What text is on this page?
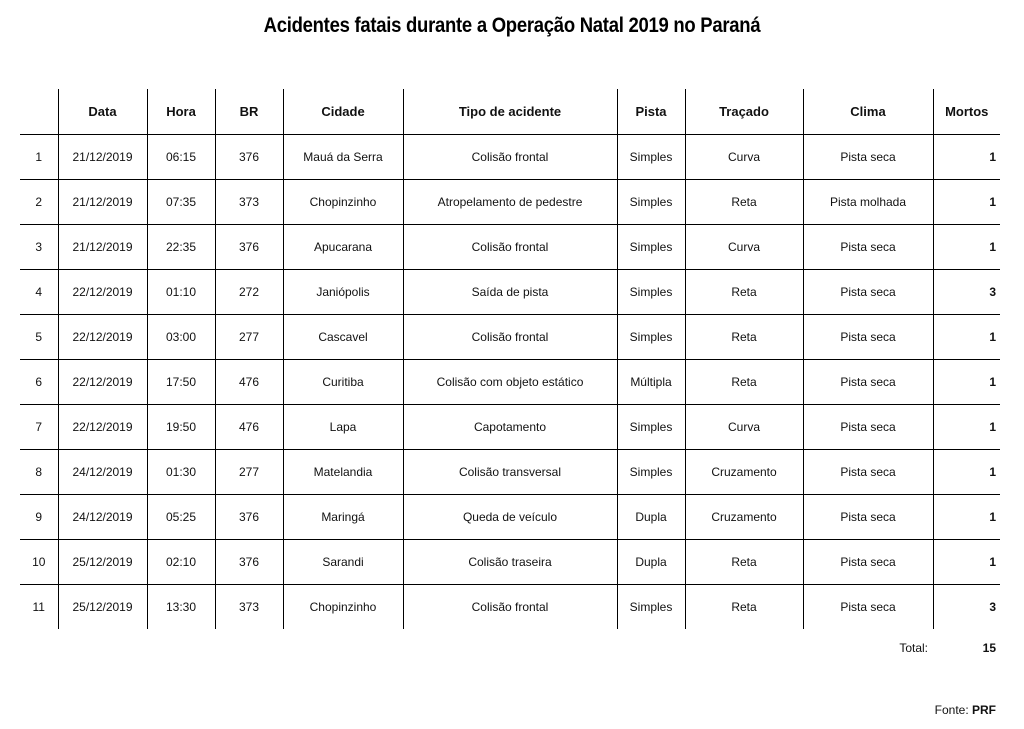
Acidentes fatais durante a Operação Natal 2019 no Paraná
	Data	Hora	BR	Cidade	Tipo de acidente	Pista	Traçado	Clima	Mortos
1	21/12/2019	06:15	376	Mauá da Serra	Colisão frontal	Simples	Curva	Pista seca	1
2	21/12/2019	07:35	373	Chopinzinho	Atropelamento de pedestre	Simples	Reta	Pista molhada	1
3	21/12/2019	22:35	376	Apucarana	Colisão frontal	Simples	Curva	Pista seca	1
4	22/12/2019	01:10	272	Janiópolis	Saída de pista	Simples	Reta	Pista seca	3
5	22/12/2019	03:00	277	Cascavel	Colisão frontal	Simples	Reta	Pista seca	1
6	22/12/2019	17:50	476	Curitiba	Colisão com objeto estático	Múltipla	Reta	Pista seca	1
7	22/12/2019	19:50	476	Lapa	Capotamento	Simples	Curva	Pista seca	1
8	24/12/2019	01:30	277	Matelandia	Colisão transversal	Simples	Cruzamento	Pista seca	1
9	24/12/2019	05:25	376	Maringá	Queda de veículo	Dupla	Cruzamento	Pista seca	1
10	25/12/2019	02:10	376	Sarandi	Colisão traseira	Dupla	Reta	Pista seca	1
11	25/12/2019	13:30	373	Chopinzinho	Colisão frontal	Simples	Reta	Pista seca	3
Total:	15
Fonte: PRF
